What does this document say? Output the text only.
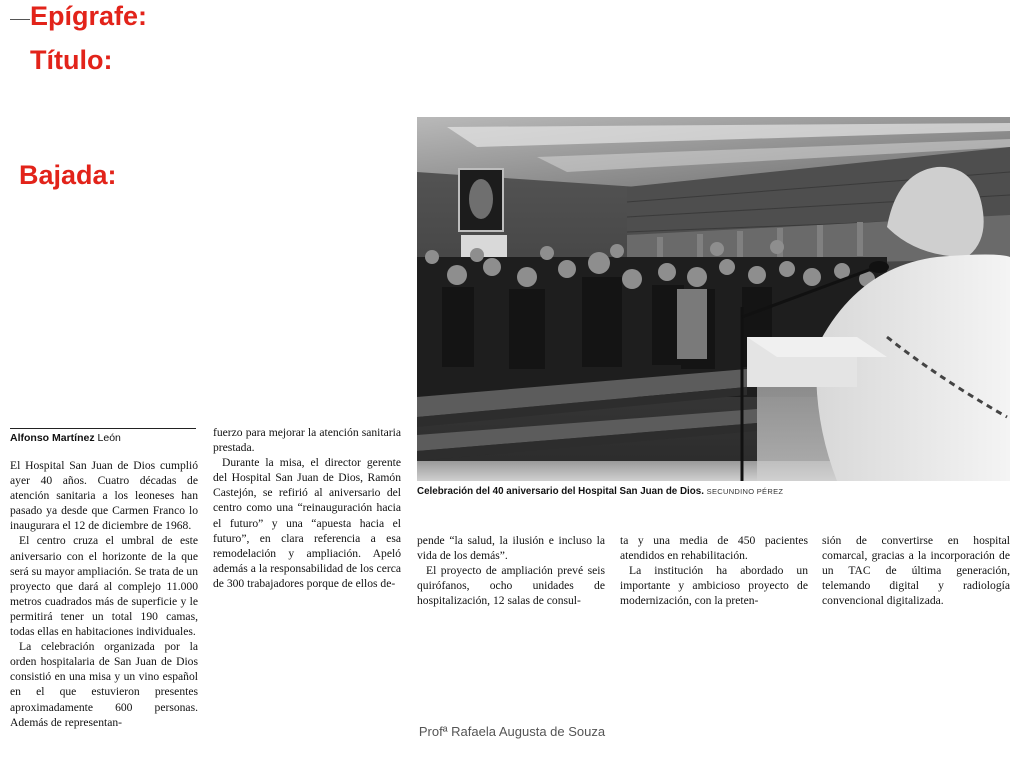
Epígrafe:
Título:
Bajada:
Alfonso Martínez León

El Hospital San Juan de Dios cumplió ayer 40 años. Cuatro décadas de atención sanitaria a los leoneses han pasado ya desde que Carmen Franco lo inaugurara el 12 de diciembre de 1968.

El centro cruza el umbral de este aniversario con el horizonte de la que será su mayor ampliación. Se trata de un proyecto que dará al complejo 11.000 metros cuadrados más de superficie y le permitirá tener un total 190 camas, todas ellas en habitaciones individuales.

La celebración organizada por la orden hospitalaria de San Juan de Dios consistió en una misa y un vino español en el que estuvieron presentes aproximadamente 600 personas. Además de representan-

fuerzo para mejorar la atención sanitaria prestada.

Durante la misa, el director gerente del Hospital San Juan de Dios, Ramón Castejón, se refirió al aniversario del centro como una “reinauguración hacia el futuro” y una “apuesta hacia el futuro”, en clara referencia a esa remodelación y ampliación. Apeló además a la responsabilidad de los cerca de 300 trabajadores porque de ellos de-

pende “la salud, la ilusión e incluso la vida de los demás”.

El proyecto de ampliación prevé seis quirófanos, ocho unidades de hospitalización, 12 salas de consul-

ta y una media de 450 pacientes atendidos en rehabilitación.

La institución ha abordado un importante y ambicioso proyecto de modernización, con la preten-

sión de convertirse en hospital comarcal, gracias a la incorporación de un TAC de última generación, telemando digital y radiología convencional digitalizada.

Celebración del 40 aniversario del Hospital San Juan de Dios. SECUNDINO PÉREZ
Profª Rafaela Augusta de Souza
